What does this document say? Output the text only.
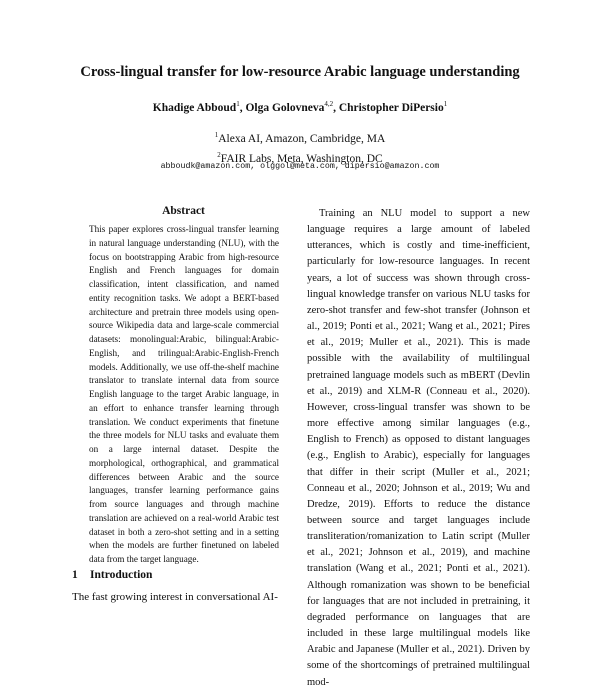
Cross-lingual transfer for low-resource Arabic language understanding
Khadige Abboud$^1$, Olga Golovneva$^{4,2}$, Christopher DiPersio$^1$
$^1$Alexa AI, Amazon, Cambridge, MA
$^2$FAIR Labs, Meta, Washington, DC
abboudk@amazon.com, olggol@meta.com, dipersio@amazon.com
Abstract
This paper explores cross-lingual transfer learning in natural language understanding (NLU), with the focus on bootstrapping Arabic from high-resource English and French languages for domain classification, intent classification, and named entity recognition tasks. We adopt a BERT-based architecture and pretrain three models using open-source Wikipedia data and large-scale commercial datasets: monolingual:Arabic, bilingual:Arabic-English, and trilingual:Arabic-English-French models. Additionally, we use off-the-shelf machine translator to translate internal data from source English language to the target Arabic language, in an effort to enhance transfer learning through translation. We conduct experiments that finetune the three models for NLU tasks and evaluate them on a large internal dataset. Despite the morphological, orthographical, and grammatical differences between Arabic and the source languages, transfer learning performance gains from source languages and through machine translation are achieved on a real-world Arabic test dataset in both a zero-shot setting and in a setting when the models are further finetuned on labeled data from the target language.
1 Introduction
The fast growing interest in conversational AI-

Training an NLU model to support a new language requires a large amount of labeled utterances, which is costly and time-inefficient, particularly for low-resource languages. In recent years, a lot of success was shown through cross-lingual knowledge transfer on various NLU tasks for zero-shot transfer and few-shot transfer (Johnson et al., 2019; Ponti et al., 2021; Wang et al., 2021; Pires et al., 2019; Muller et al., 2021). This is made possible with the availability of multilingual pretrained language models such as mBERT (Devlin et al., 2019) and XLM-R (Conneau et al., 2020). However, cross-lingual transfer was shown to be more effective among similar languages (e.g., English to French) as opposed to distant languages (e.g., English to Arabic), especially for languages that differ in their script (Muller et al., 2021; Conneau et al., 2020; Johnson et al., 2019; Wu and Dredze, 2019). Efforts to reduce the distance between source and target languages include transliteration/romanization to Latin script (Muller et al., 2021; Johnson et al., 2019), and machine translation (Wang et al., 2021; Ponti et al., 2021). Although romanization was shown to be beneficial for languages that are not included in pretraining, it degraded performance on languages that are included in these large multilingual models like Arabic and Japanese (Muller et al., 2021). Driven by some of the shortcomings of pretrained multilingual mod-
